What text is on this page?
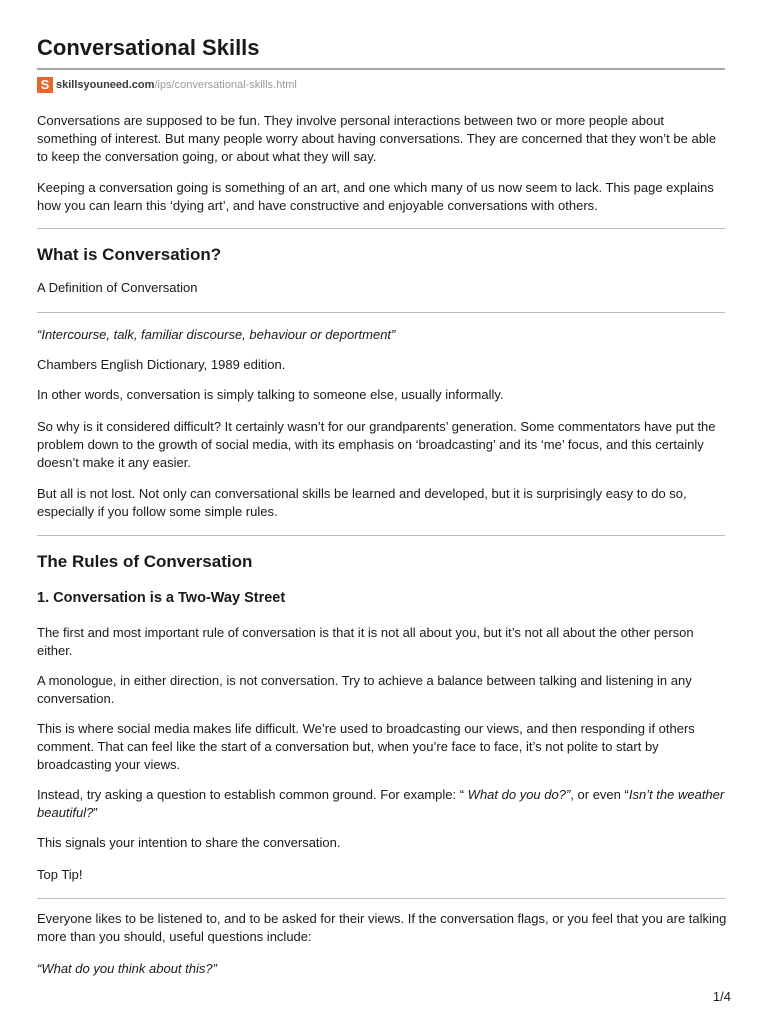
Conversational Skills
S skillsyouneed.com /ips/conversational-skills.html

Conversations are supposed to be fun. They involve personal interactions between two or more people about something of interest. But many people worry about having conversations. They are concerned that they won’t be able to keep the conversation going, or about what they will say.

Keeping a conversation going is something of an art, and one which many of us now seem to lack. This page explains how you can learn this ‘dying art’, and have constructive and enjoyable conversations with others.

What is Conversation?

A Definition of Conversation

“Intercourse, talk, familiar discourse, behaviour or deportment”

Chambers English Dictionary, 1989 edition.

In other words, conversation is simply talking to someone else, usually informally.

So why is it considered difficult? It certainly wasn’t for our grandparents’ generation. Some commentators have put the problem down to the growth of social media, with its emphasis on ‘broadcasting’ and its ‘me’ focus, and this certainly doesn’t make it any easier.

But all is not lost. Not only can conversational skills be learned and developed, but it is surprisingly easy to do so, especially if you follow some simple rules.

The Rules of Conversation
1. Conversation is a Two-Way Street

The first and most important rule of conversation is that it is not all about you, but it’s not all about the other person either.

A monologue, in either direction, is not conversation. Try to achieve a balance between talking and listening in any conversation.

This is where social media makes life difficult. We’re used to broadcasting our views, and then responding if others comment. That can feel like the start of a conversation but, when you’re face to face, it’s not polite to start by broadcasting your views.

Instead, try asking a question to establish common ground. For example: “ What do you do?”, or even “Isn’t the weather beautiful?”

This signals your intention to share the conversation.

Top Tip!

Everyone likes to be listened to, and to be asked for their views. If the conversation flags, or you feel that you are talking more than you should, useful questions include:

“What do you think about this?”

1/4
